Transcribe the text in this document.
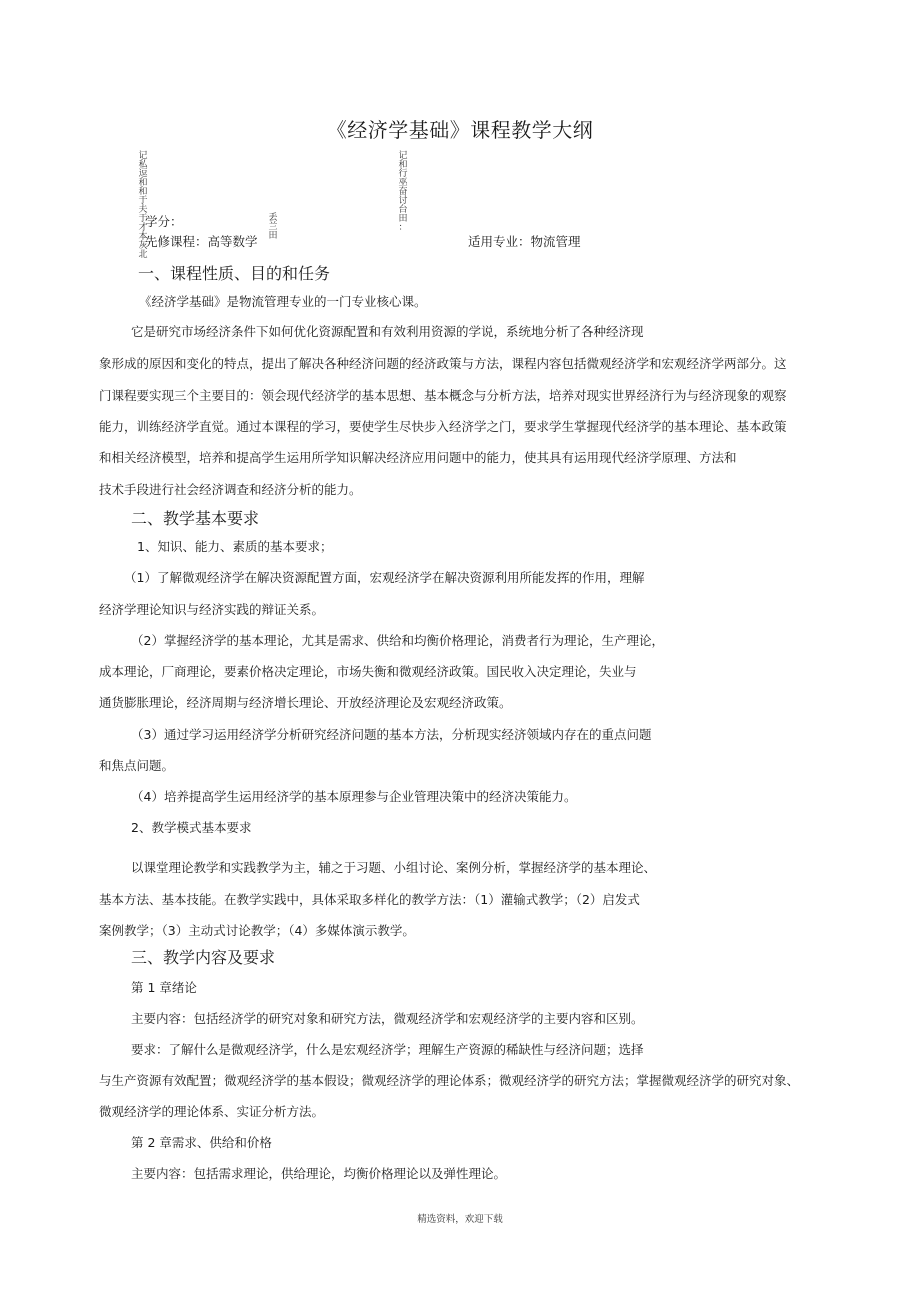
《经济学基础》课程教学大纲
记 私 逗 和 和 于 夫 于 才 本 灰 北
丢 兰 田
记 和 行 巫 奋 讨 台 田 ：
学分：
先修课程：高等数学	适用专业：物流管理
一、课程性质、目的和任务
《经济学基础》是物流管理专业的一门专业核心课。
它是研究市场经济条件下如何优化资源配置和有效利用资源的学说，系统地分析了各种经济现
象形成的原因和变化的特点，提出了解决各种经济问题的经济政策与方法，课程内容包括微观经济学和宏观经济学两部分。这
门课程要实现三个主要目的：领会现代经济学的基本思想、基本概念与分析方法，培养对现实世界经济行为与经济现象的观察
能力，训练经济学直觉。通过本课程的学习，要使学生尽快步入经济学之门，要求学生掌握现代经济学的基本理论、基本政策
和相关经济模型，培养和提高学生运用所学知识解决经济应用问题中的能力，使其具有运用现代经济学原理、方法和
技术手段进行社会经济调查和经济分析的能力。
二、教学基本要求
1、知识、能力、素质的基本要求；
（1）了解微观经济学在解决资源配置方面，宏观经济学在解决资源利用所能发挥的作用，理解
经济学理论知识与经济实践的辩证关系。
（2）掌握经济学的基本理论，尤其是需求、供给和均衡价格理论，消费者行为理论，生产理论，
成本理论，厂商理论，要素价格决定理论，市场失衡和微观经济政策。国民收入决定理论，失业与
通货膨胀理论，经济周期与经济增长理论、开放经济理论及宏观经济政策。
（3）通过学习运用经济学分析研究经济问题的基本方法，分析现实经济领域内存在的重点问题
和焦点问题。
（4）培养提高学生运用经济学的基本原理参与企业管理决策中的经济决策能力。
2、教学模式基本要求
以课堂理论教学和实践教学为主，辅之于习题、小组讨论、案例分析，掌握经济学的基本理论、
基本方法、基本技能。在教学实践中，具体采取多样化的教学方法：（1）灌输式教学；（2）启发式
案例教学；（3）主动式讨论教学；（4）多媒体演示教学。
三、教学内容及要求
第 1 章绪论
主要内容：包括经济学的研究对象和研究方法，微观经济学和宏观经济学的主要内容和区别。
要求：了解什么是微观经济学，什么是宏观经济学；理解生产资源的稀缺性与经济问题；选择
与生产资源有效配置；微观经济学的基本假设；微观经济学的理论体系；微观经济学的研究方法；掌握微观经济学的研究对象、
微观经济学的理论体系、实证分析方法。
第 2 章需求、供给和价格
主要内容：包括需求理论，供给理论，均衡价格理论以及弹性理论。
精选资料，欢迎下载
